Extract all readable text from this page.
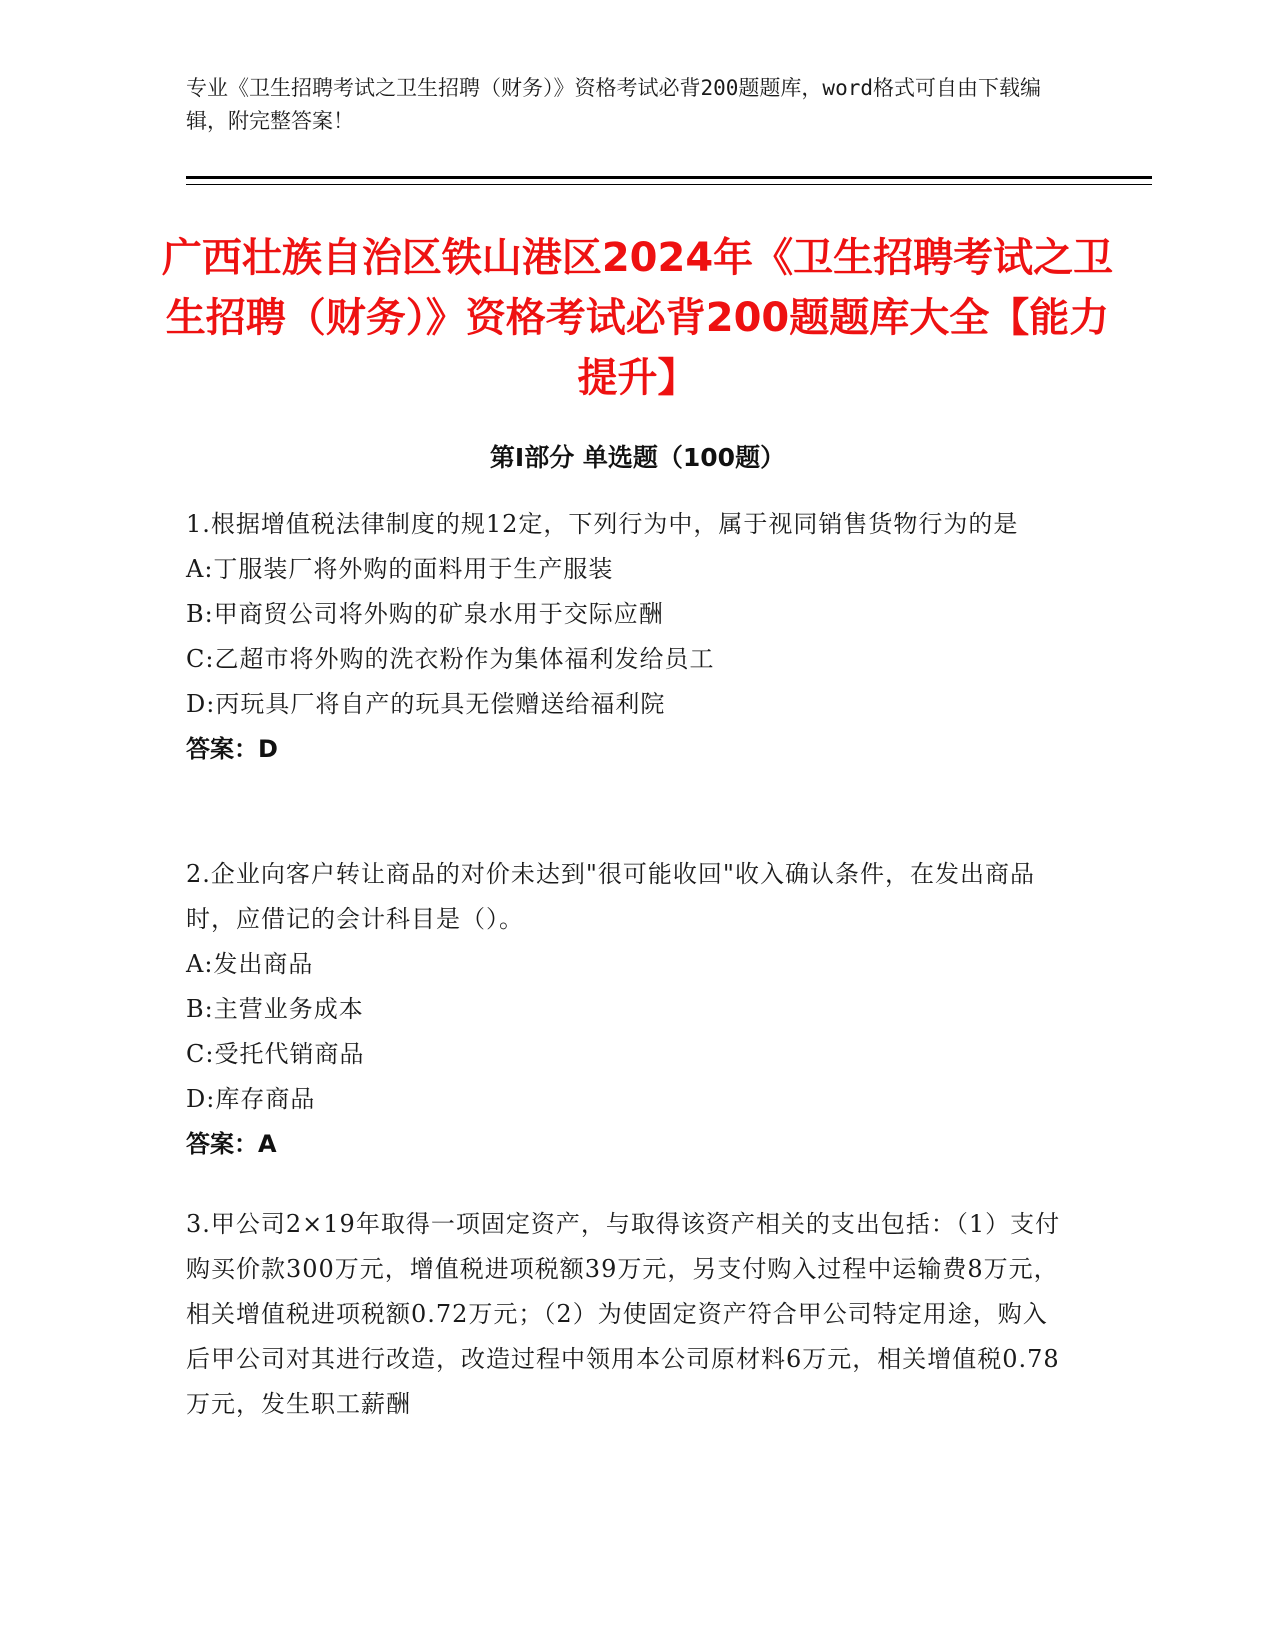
专业《卫生招聘考试之卫生招聘（财务）》资格考试必背200题题库，word格式可自由下载编辑，附完整答案！
广西壮族自治区铁山港区2024年《卫生招聘考试之卫生招聘（财务）》资格考试必背200题题库大全【能力提升】
第I部分 单选题（100题）

1.根据增值税法律制度的规12定，下列行为中，属于视同销售货物行为的是

A:丁服装厂将外购的面料用于生产服装

B:甲商贸公司将外购的矿泉水用于交际应酬

C:乙超市将外购的洗衣粉作为集体福利发给员工

D:丙玩具厂将自产的玩具无偿赠送给福利院

答案：D

2.企业向客户转让商品的对价未达到"很可能收回"收入确认条件，在发出商品时，应借记的会计科目是（）。

A:发出商品

B:主营业务成本

C:受托代销商品

D:库存商品

答案：A

3.甲公司2×19年取得一项固定资产，与取得该资产相关的支出包括：（1）支付购买价款300万元，增值税进项税额39万元，另支付购入过程中运输费8万元，相关增值税进项税额0.72万元；（2）为使固定资产符合甲公司特定用途，购入后甲公司对其进行改造，改造过程中领用本公司原材料6万元，相关增值税0.78万元，发生职工薪酬
